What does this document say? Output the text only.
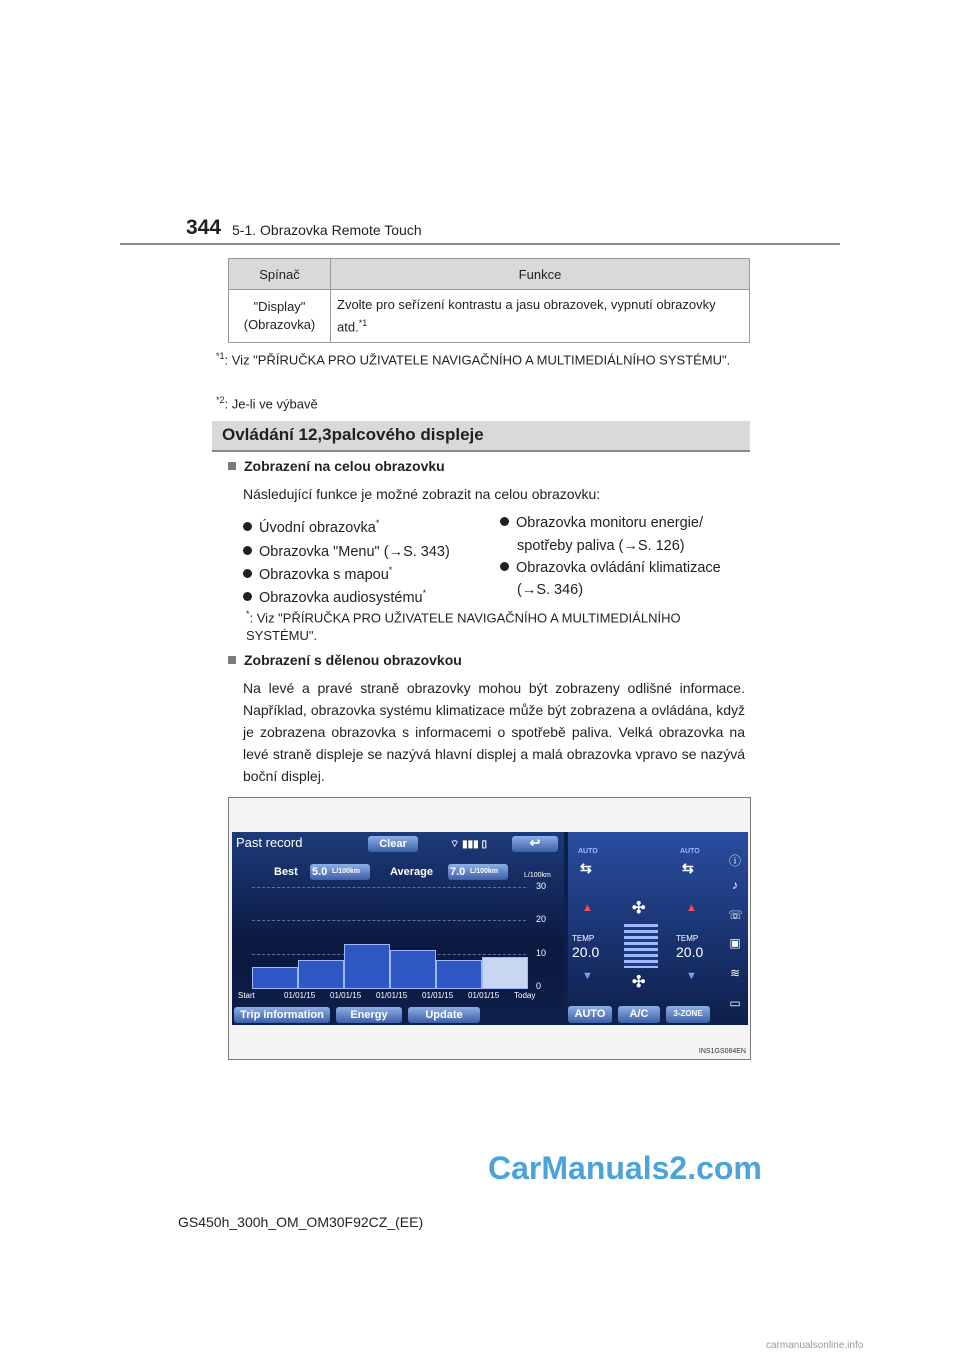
344 5-1. Obrazovka Remote Touch
Spínač	Funkce
"Display" (Obrazovka)	Zvolte pro seřízení kontrastu a jasu obrazovek, vypnutí obrazovky atd.$^{*1}$
$^{*1}$: Viz "PŘÍRUČKA PRO UŽIVATELE NAVIGAČNÍHO A MULTIMEDIÁLNÍHO SYSTÉMU".
$^{*2}$: Je-li ve výbavě
Ovládání 12,3palcového displeje
Zobrazení na celou obrazovku
Následující funkce je možné zobrazit na celou obrazovku:
Úvodní obrazovka*
Obrazovka "Menu" (→S. 343)
Obrazovka s mapou*
Obrazovka audiosystému*
Obrazovka monitoru energie/
spotřeby paliva (→S. 126)
Obrazovka ovládání klimatizace
(→S. 346)
*: Viz "PŘÍRUČKA PRO UŽIVATELE NAVIGAČNÍHO A MULTIMEDIÁLNÍHO SYSTÉMU".
Zobrazení s dělenou obrazovkou
Na levé a pravé straně obrazovky mohou být zobrazeny odlišné informace. Například, obrazovka systému klimatizace může být zobrazena a ovládána, když je zobrazena obrazovka s informacemi o spotřebě paliva. Velká obrazovka na levé straně displeje se nazývá hlavní displej a malá obrazovka vpravo se nazývá boční displej.
Past record	Clear	⌔ ▮▮▮ ▯	↩
Best 5.0 L/100km	Average 7.0 L/100km
L/100km
30
20
10
0
Start	01/01/15 01/01/15 01/01/15 01/01/15 01/01/15 Today
Trip information	Energy	Update
AUTO
⇆
AUTO
⇆
▲
TEMP
20.0
▼
✣
✣
▲
TEMP
20.0
▼
AUTO	A/C	3-ZONE
ⓘ
♪
☏
▣
≋
▭
INS1GS084EN
GS450h_300h_OM_OM30F92CZ_(EE)
CarManuals2.com
carmanualsonline.info
